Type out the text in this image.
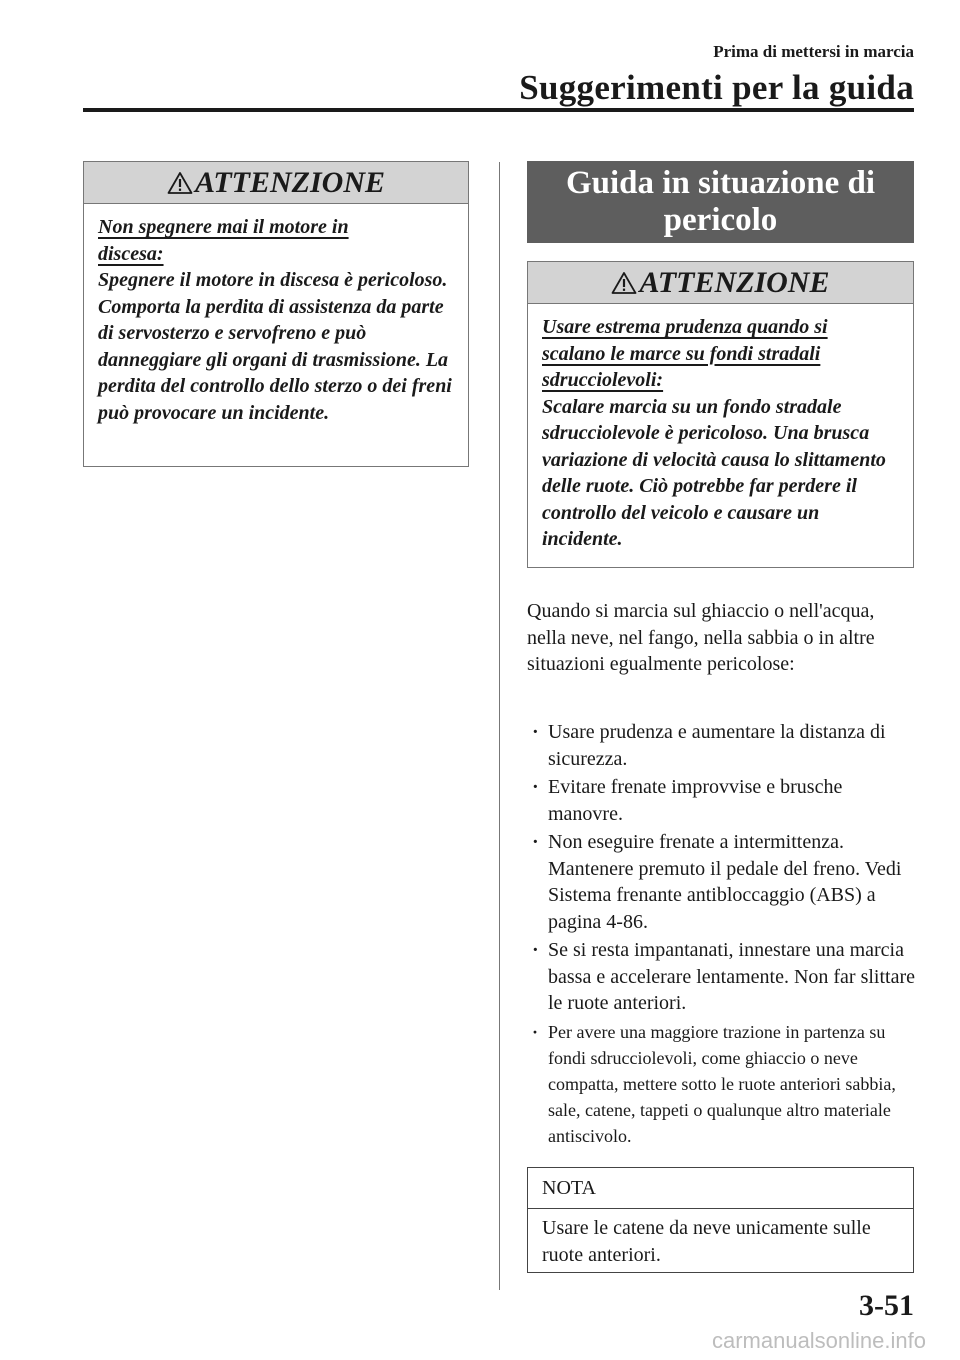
Prima di mettersi in marcia
Suggerimenti per la guida
ATTENZIONE
Non spegnere mai il motore in
discesa:
Spegnere il motore in discesa è pericoloso. Comporta la perdita di assistenza da parte di servosterzo e servofreno e può danneggiare gli organi di trasmissione. La perdita del controllo dello sterzo o dei freni può provocare un incidente.
Guida in situazione di
pericolo
ATTENZIONE
Usare estrema prudenza quando si
scalano le marce su fondi stradali
sdrucciolevoli:
Scalare marcia su un fondo stradale sdrucciolevole è pericoloso. Una brusca variazione di velocità causa lo slittamento delle ruote. Ciò potrebbe far perdere il controllo del veicolo e causare un incidente.
Quando si marcia sul ghiaccio o nell'acqua, nella neve, nel fango, nella sabbia o in altre situazioni egualmente pericolose:
· Usare prudenza e aumentare la distanza di sicurezza.
· Evitare frenate improvvise e brusche manovre.
· Non eseguire frenate a intermittenza. Mantenere premuto il pedale del freno. Vedi Sistema frenante antibloccaggio (ABS) a pagina 4-86.
· Se si resta impantanati, innestare una marcia bassa e accelerare lentamente. Non far slittare le ruote anteriori.
· Per avere una maggiore trazione in partenza su fondi sdrucciolevoli, come ghiaccio o neve compatta, mettere sotto le ruote anteriori sabbia, sale, catene, tappeti o qualunque altro materiale antiscivolo.
NOTA
Usare le catene da neve unicamente sulle ruote anteriori.
3-51
carmanualsonline.info
